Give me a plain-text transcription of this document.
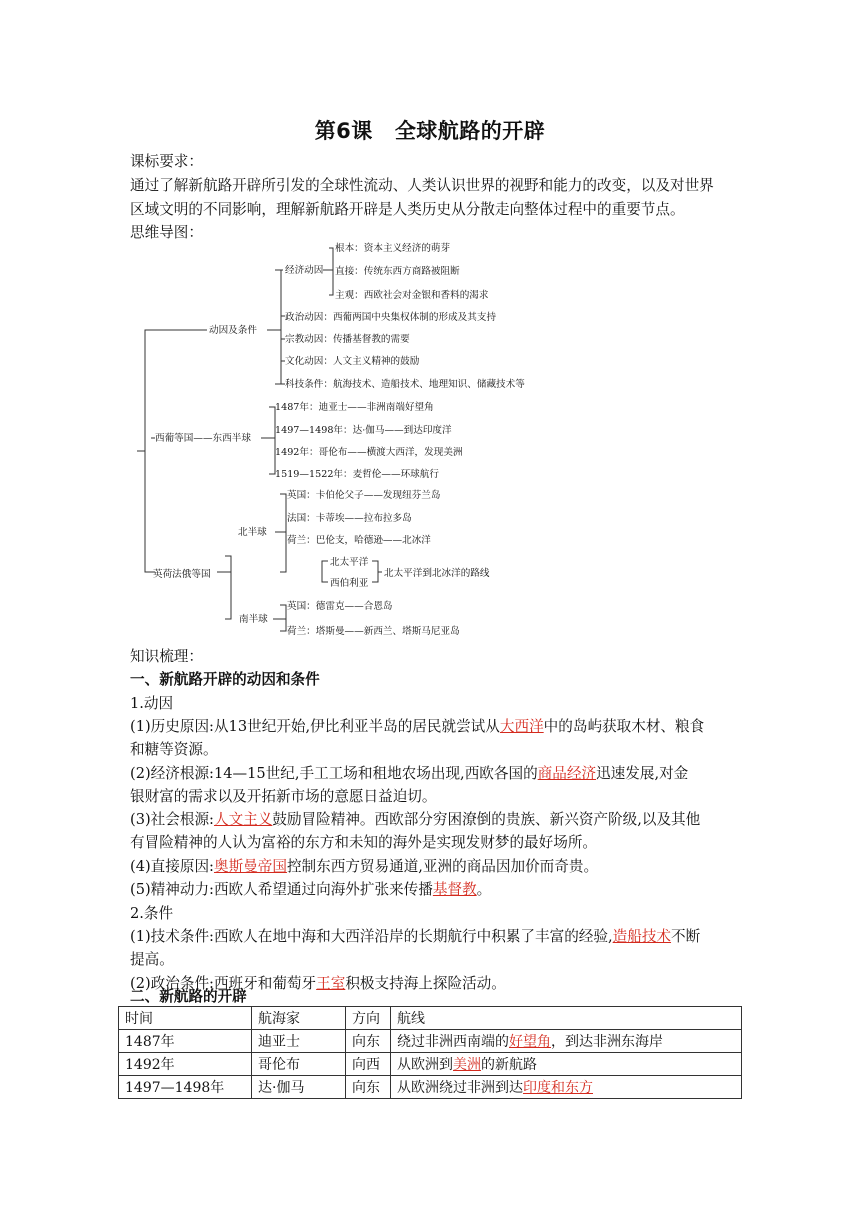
第6课 全球航路的开辟
课标要求：
通过了解新航路开辟所引发的全球性流动、人类认识世界的视野和能力的改变，以及对世界
区域文明的不同影响，理解新航路开辟是人类历史从分散走向整体过程中的重要节点。
思维导图：
动因及条件
经济动因
根本：资本主义经济的萌芽
直接：传统东西方商路被阻断
主观：西欧社会对金银和香料的渴求
政治动因：西葡两国中央集权体制的形成及其支持
宗教动因：传播基督教的需要
文化动因：人文主义精神的鼓励
科技条件：航海技术、造船技术、地理知识、储藏技术等
西葡等国——东西半球
1487年：迪亚士——非洲南端好望角
1497—1498年：达·伽马——到达印度洋
1492年：哥伦布——横渡大西洋，发现美洲
1519—1522年：麦哲伦——环球航行
英荷法俄等国
北半球
英国：卡伯伦父子——发现纽芬兰岛
法国：卡蒂埃——拉布拉多岛
荷兰：巴伦支，哈德逊——北冰洋
北太平洋
西伯利亚
北太平洋到北冰洋的路线
南半球
英国：德雷克——合恩岛
荷兰：塔斯曼——新西兰、塔斯马尼亚岛
知识梳理：
一、新航路开辟的动因和条件
1.动因
(1)历史原因:从13世纪开始,伊比利亚半岛的居民就尝试从大西洋中的岛屿获取木材、粮食
和糖等资源。
(2)经济根源:14—15世纪,手工工场和租地农场出现,西欧各国的商品经济迅速发展,对金
银财富的需求以及开拓新市场的意愿日益迫切。
(3)社会根源:人文主义鼓励冒险精神。西欧部分穷困潦倒的贵族、新兴资产阶级,以及其他
有冒险精神的人认为富裕的东方和未知的海外是实现发财梦的最好场所。
(4)直接原因:奥斯曼帝国控制东西方贸易通道,亚洲的商品因加价而奇贵。
(5)精神动力:西欧人希望通过向海外扩张来传播基督教。
2.条件
(1)技术条件:西欧人在地中海和大西洋沿岸的长期航行中积累了丰富的经验,造船技术不断
提高。
(2)政治条件:西班牙和葡萄牙王室积极支持海上探险活动。
二、新航路的开辟
时间	航海家	方向	航线
1487年	迪亚士	向东	绕过非洲西南端的好望角，到达非洲东海岸
1492年	哥伦布	向西	从欧洲到美洲的新航路
1497—1498年	达·伽马	向东	从欧洲绕过非洲到达印度和东方
